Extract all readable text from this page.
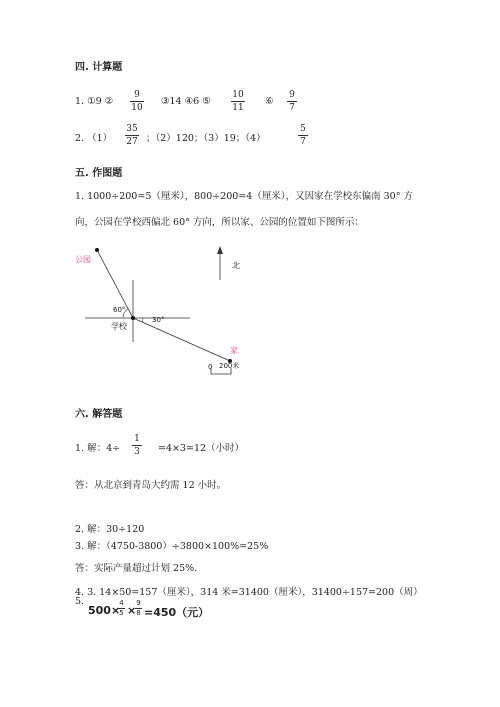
四. 计算题
1. ①9 ②
9
10
③14 ④6 ⑤
10
11
⑥
9
7
2. （1）
35
27 ；（2）120；（3）19；（4）
5
7
五. 作图题
1. 1000÷200=5（厘米），800÷200=4（厘米），又因家在学校东偏南 30° 方
向，公园在学校西偏北 60° 方向，所以家、公园的位置如下图所示：
公园
学校
家
北
60°
30°
0 200米
六. 解答题
1. 解：4÷
1
3 =4×3=12（小时）
答：从北京到青岛大约需 12 小时。
2. 解：30÷120
3. 解：（4750-3800）÷3800×100%=25%
答：实际产量超过计划 25%.
4. 3. 14×50=157（厘米），314 米=31400（厘米），31400÷157=200（周）
5.
500×
4
5 ×
9
8 =450（元）
